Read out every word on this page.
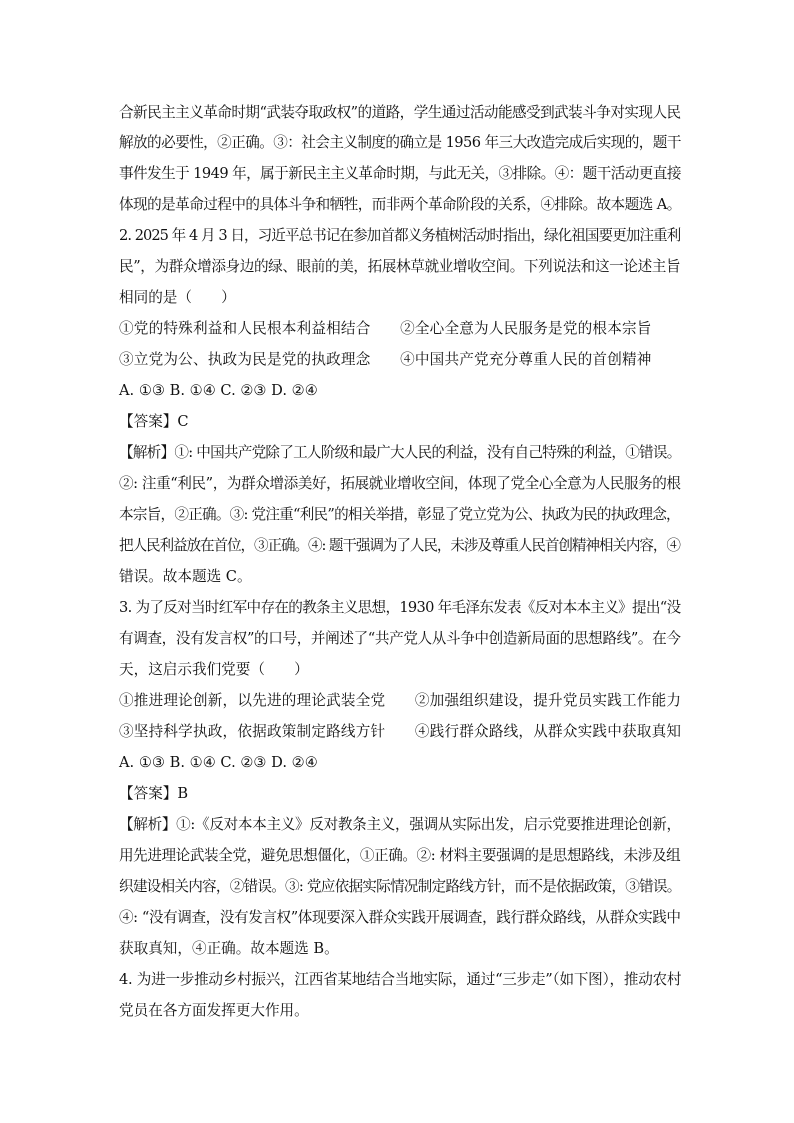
合新民主主义革命时期“武装夺取政权”的道路，学生通过活动能感受到武装斗争对实现人民
解放的必要性，②正确。③：社会主义制度的确立是 1956 年三大改造完成后实现的，题干
事件发生于 1949 年，属于新民主主义革命时期，与此无关，③排除。④：题干活动更直接
体现的是革命过程中的具体斗争和牺牲，而非两个革命阶段的关系，④排除。故本题选 A。
2. 2025 年 4 月 3 日，习近平总书记在参加首都义务植树活动时指出，绿化祖国要更加注重利
民”，为群众增添身边的绿、眼前的美，拓展林草就业增收空间。下列说法和这一论述主旨
相同的是（　　）
①党的特殊利益和人民根本利益相结合　　②全心全意为人民服务是党的根本宗旨
③立党为公、执政为民是党的执政理念　　④中国共产党充分尊重人民的首创精神
A. ①③ B. ①④ C. ②③ D. ②④
【答案】C
【解析】①: 中国共产党除了工人阶级和最广大人民的利益，没有自己特殊的利益，①错误。
②: 注重“利民”，为群众增添美好，拓展就业增收空间，体现了党全心全意为人民服务的根
本宗旨，②正确。③: 党注重“利民”的相关举措，彰显了党立党为公、执政为民的执政理念，
把人民利益放在首位，③正确。④: 题干强调为了人民，未涉及尊重人民首创精神相关内容，④
错误。故本题选 C。
3. 为了反对当时红军中存在的教条主义思想，1930 年毛泽东发表《反对本本主义》提出“没
有调查，没有发言权”的口号，并阐述了“共产党人从斗争中创造新局面的思想路线”。在今
天，这启示我们党要（　　）
①推进理论创新，以先进的理论武装全党　　②加强组织建设，提升党员实践工作能力
③坚持科学执政，依据政策制定路线方针　　④践行群众路线，从群众实践中获取真知
A. ①③ B. ①④ C. ②③ D. ②④
【答案】B
【解析】①:《反对本本主义》反对教条主义，强调从实际出发，启示党要推进理论创新，
用先进理论武装全党，避免思想僵化，①正确。②: 材料主要强调的是思想路线，未涉及组
织建设相关内容，②错误。③: 党应依据实际情况制定路线方针，而不是依据政策，③错误。
④: “没有调查，没有发言权”体现要深入群众实践开展调查，践行群众路线，从群众实践中
获取真知，④正确。故本题选 B。
4. 为进一步推动乡村振兴，江西省某地结合当地实际，通过“三步走”（如下图），推动农村
党员在各方面发挥更大作用。
